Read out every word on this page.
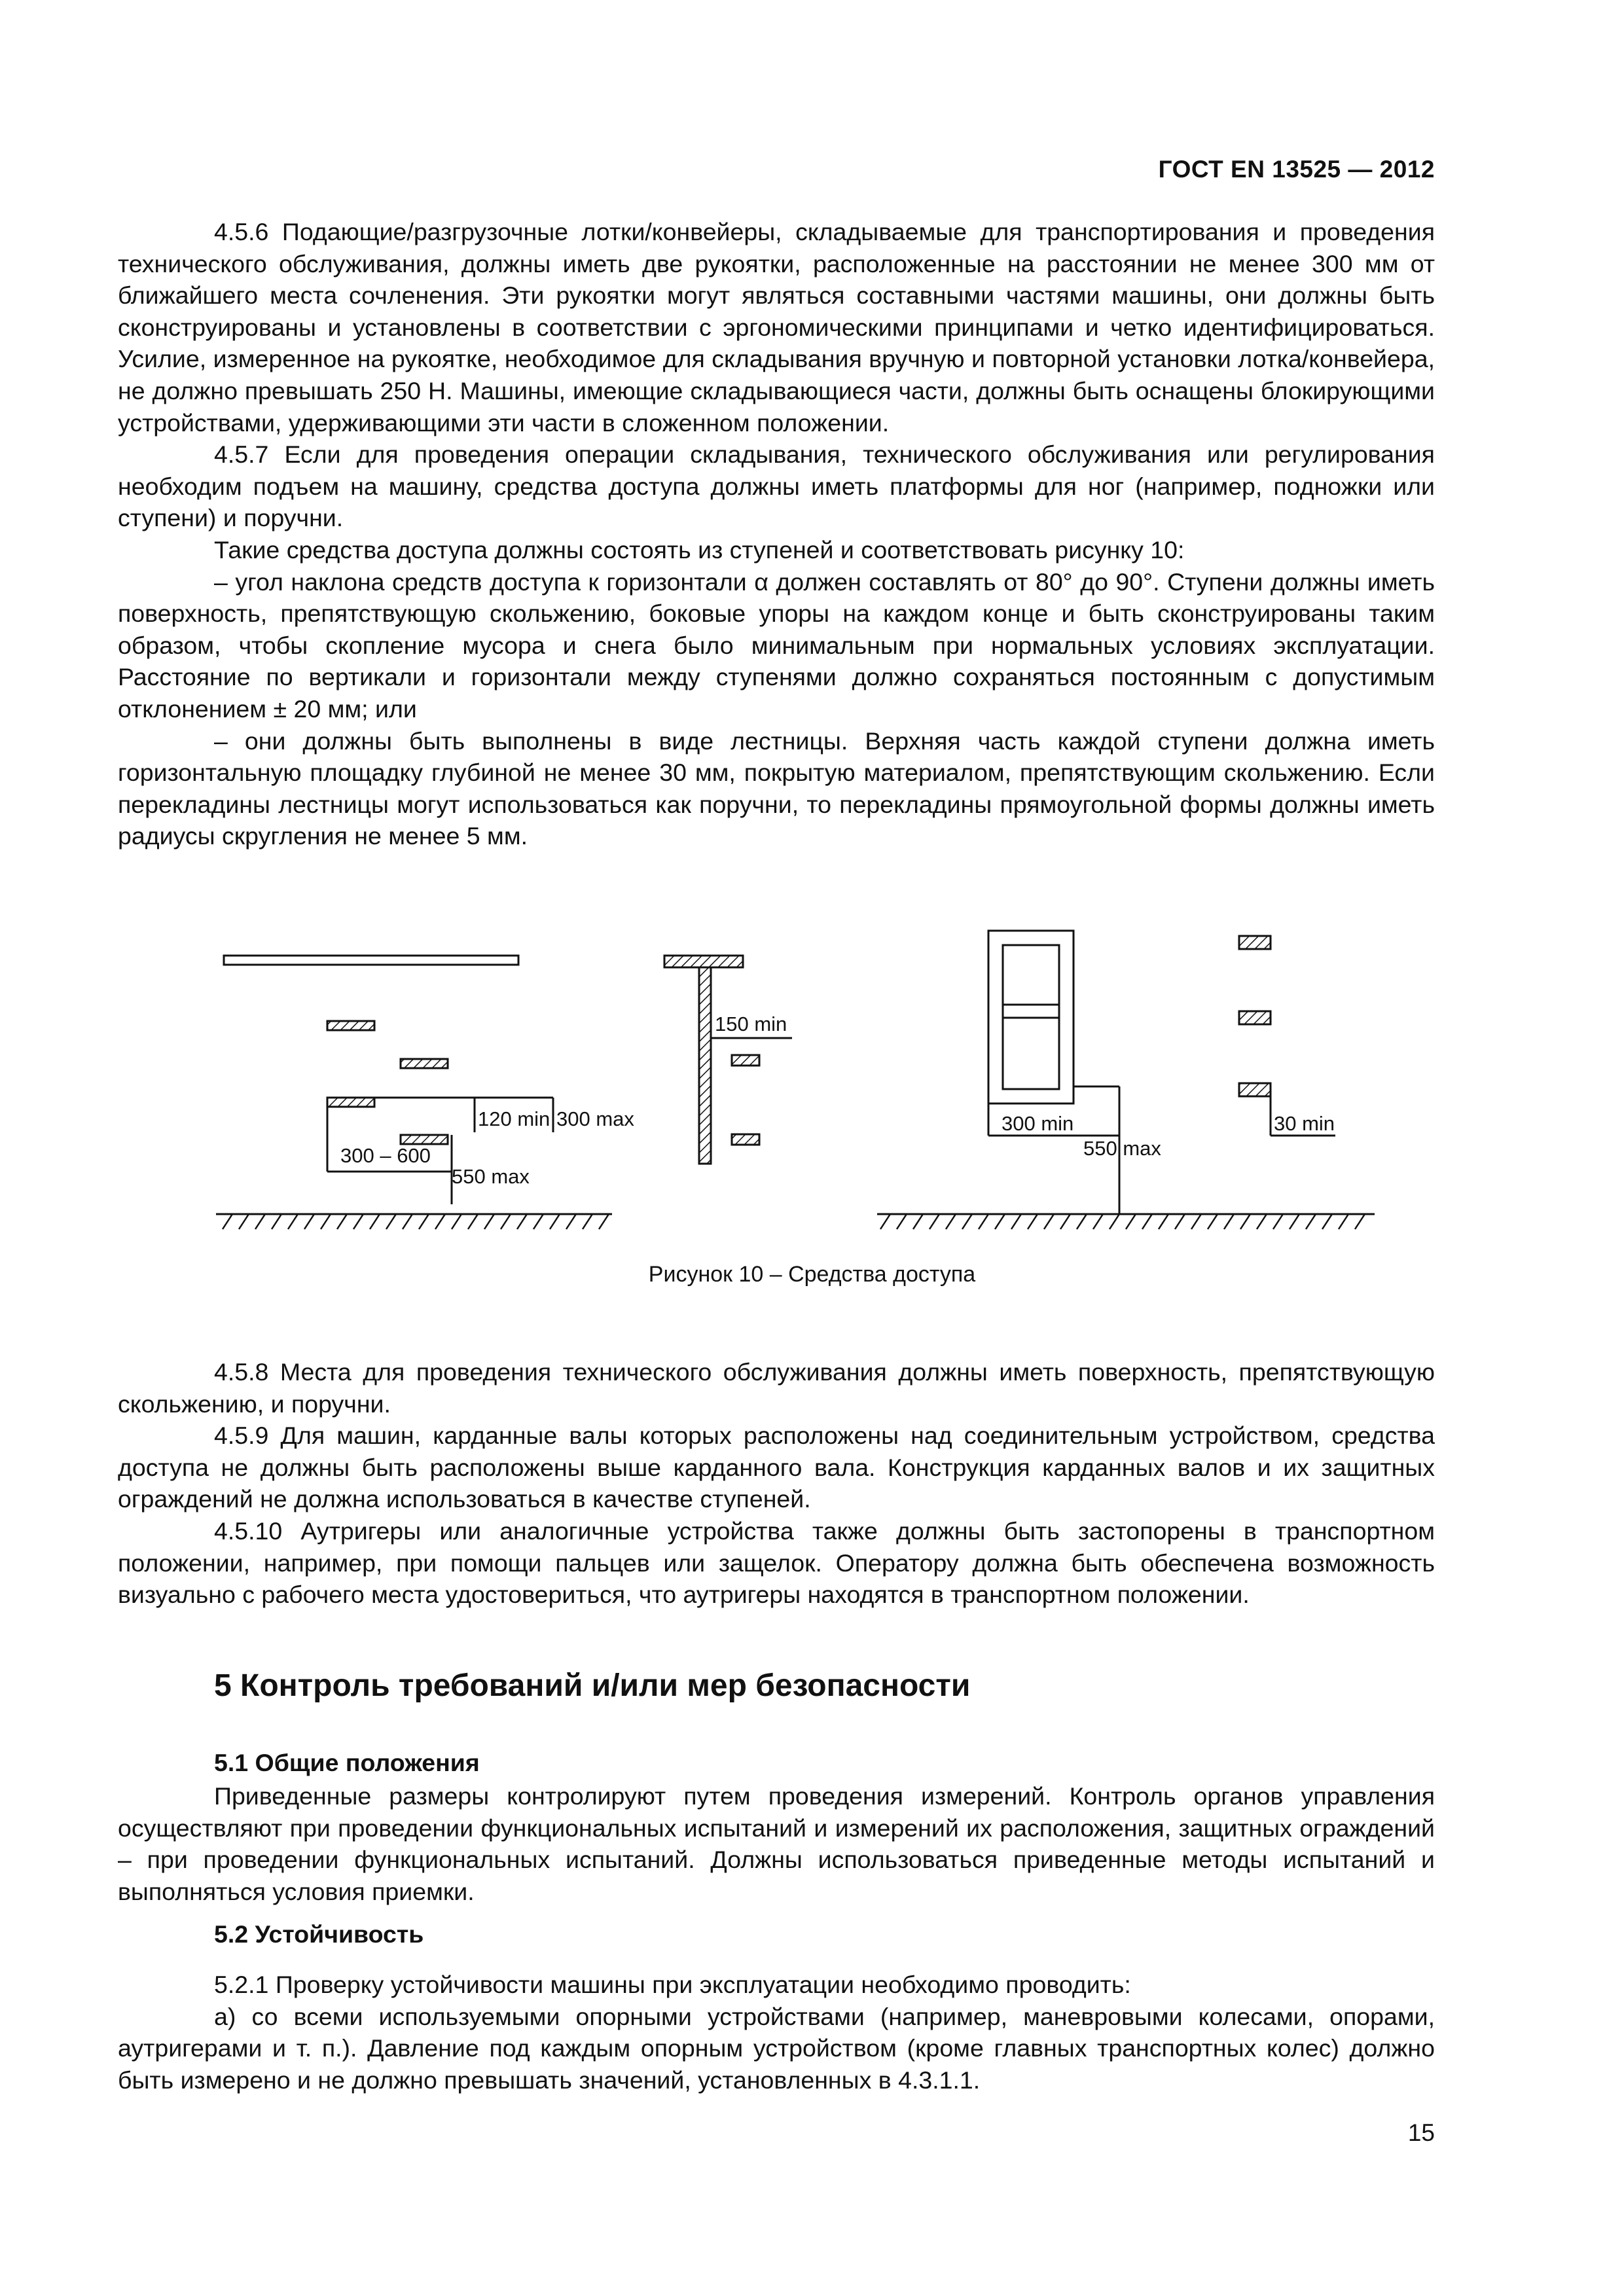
ГОСТ EN 13525 — 2012

4.5.6 Подающие/разгрузочные лотки/конвейеры, складываемые для транспортирования и проведения технического обслуживания, должны иметь две рукоятки, расположенные на расстоянии не менее 300 мм от ближайшего места сочленения. Эти рукоятки могут являться составными частями машины, они должны быть сконструированы и установлены в соответствии с эргономическими принципами и четко идентифицироваться. Усилие, измеренное на рукоятке, необходимое для складывания вручную и повторной установки лотка/конвейера, не должно превышать 250 Н. Машины, имеющие складывающиеся части, должны быть оснащены блокирующими устройствами, удерживающими эти части в сложенном положении.

4.5.7 Если для проведения операции складывания, технического обслуживания или регулирования необходим подъем на машину, средства доступа должны иметь платформы для ног (например, подножки или ступени) и поручни.

Такие средства доступа должны состоять из ступеней и соответствовать рисунку 10:

– угол наклона средств доступа к горизонтали α должен составлять от 80° до 90°. Ступени должны иметь поверхность, препятствующую скольжению, боковые упоры на каждом конце и быть сконструированы таким образом, чтобы скопление мусора и снега было минимальным при нормальных условиях эксплуатации. Расстояние по вертикали и горизонтали между ступенями должно сохраняться постоянным с допустимым отклонением ± 20 мм; или

– они должны быть выполнены в виде лестницы. Верхняя часть каждой ступени должна иметь горизонтальную площадку глубиной не менее 30 мм, покрытую материалом, препятствующим скольжению. Если перекладины лестницы могут использоваться как поручни, то перекладины прямоугольной формы должны иметь радиусы скругления не менее 5 мм.

120 min 300 max
300 – 600
550 max
150 min
300 min
550 max
30 min
Рисунок 10 – Средства доступа

4.5.8 Места для проведения технического обслуживания должны иметь поверхность, препятствующую скольжению, и поручни.

4.5.9 Для машин, карданные валы которых расположены над соединительным устройством, средства доступа не должны быть расположены выше карданного вала. Конструкция карданных валов и их защитных ограждений не должна использоваться в качестве ступеней.

4.5.10 Аутригеры или аналогичные устройства также должны быть застопорены в транспортном положении, например, при помощи пальцев или защелок. Оператору должна быть обеспечена возможность визуально с рабочего места удостовериться, что аутригеры находятся в транспортном положении.

5 Контроль требований и/или мер безопасности
5.1 Общие положения

Приведенные размеры контролируют путем проведения измерений. Контроль органов управления осуществляют при проведении функциональных испытаний и измерений их расположения, защитных ограждений – при проведении функциональных испытаний. Должны использоваться приведенные методы испытаний и выполняться условия приемки.

5.2 Устойчивость

5.2.1 Проверку устойчивости машины при эксплуатации необходимо проводить:

а) со всеми используемыми опорными устройствами (например, маневровыми колесами, опорами, аутригерами и т. п.). Давление под каждым опорным устройством (кроме главных транспортных колес) должно быть измерено и не должно превышать значений, установленных в 4.3.1.1.

15
